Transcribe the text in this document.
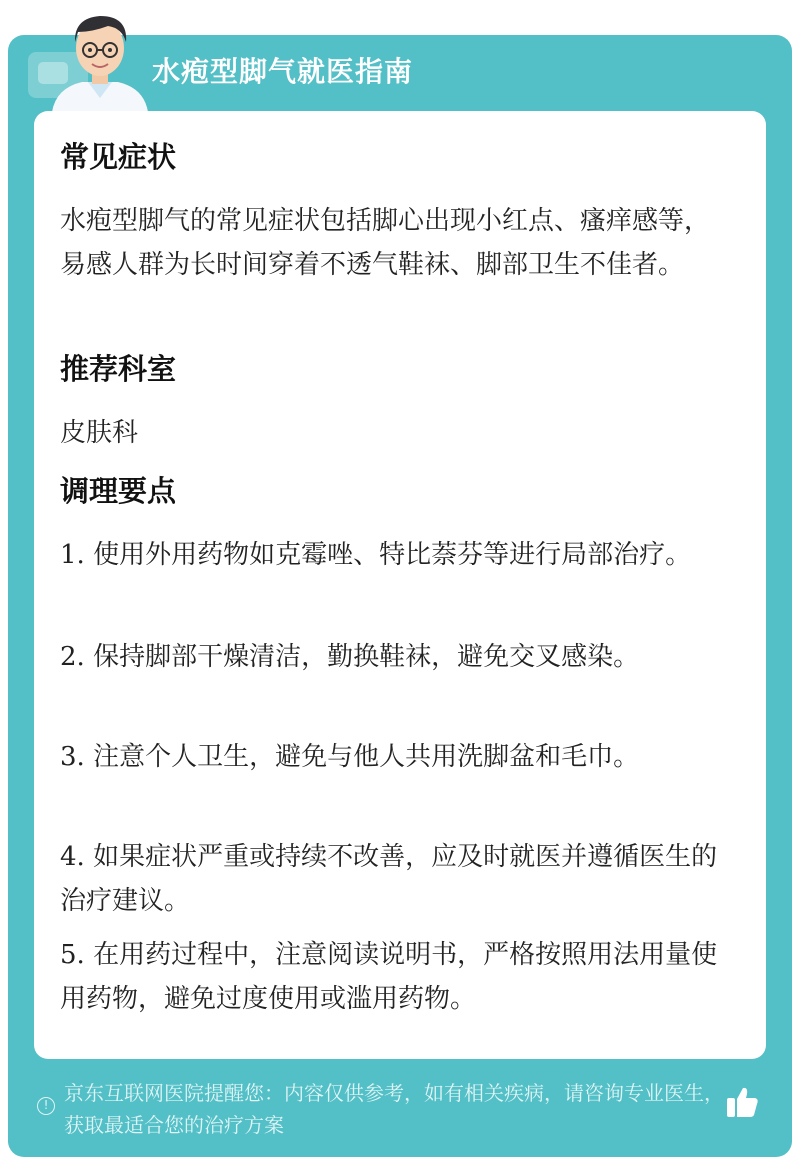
水疱型脚气就医指南
常见症状
水疱型脚气的常见症状包括脚心出现小红点、瘙痒感等，易感人群为长时间穿着不透气鞋袜、脚部卫生不佳者。
推荐科室
皮肤科
调理要点
1. 使用外用药物如克霉唑、特比萘芬等进行局部治疗。
2. 保持脚部干燥清洁，勤换鞋袜，避免交叉感染。
3. 注意个人卫生，避免与他人共用洗脚盆和毛巾。
4. 如果症状严重或持续不改善，应及时就医并遵循医生的治疗建议。
5. 在用药过程中，注意阅读说明书，严格按照用法用量使用药物，避免过度使用或滥用药物。
! 京东互联网医院提醒您：内容仅供参考，如有相关疾病，请咨询专业医生，获取最适合您的治疗方案
